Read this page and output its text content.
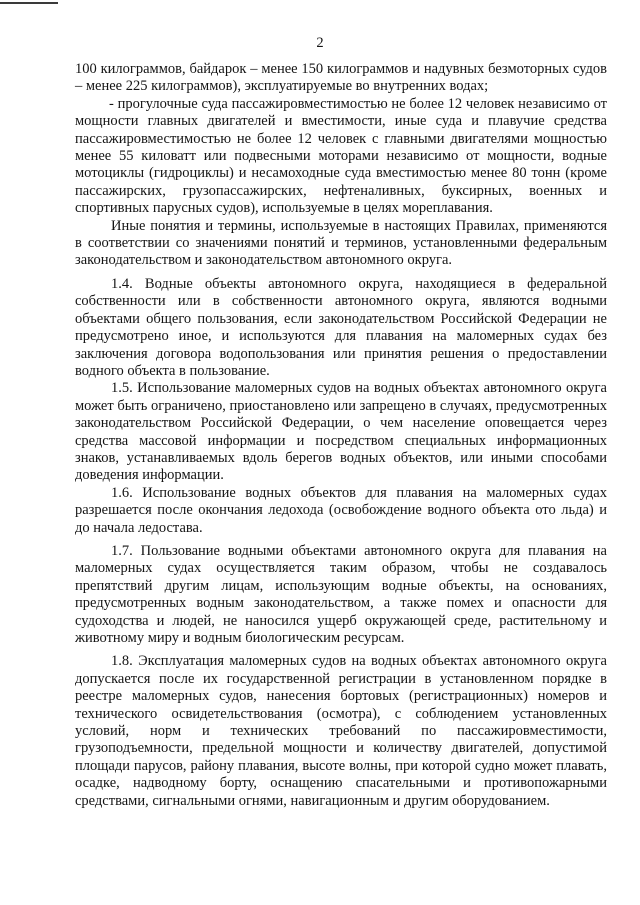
2

100 килограммов, байдарок – менее 150 килограммов и надувных безмоторных судов – менее 225 килограммов), эксплуатируемые во внутренних водах;

- прогулочные суда пассажировместимостью не более 12 человек независимо от мощности главных двигателей и вместимости, иные суда и плавучие средства пассажировместимостью не более 12 человек с главными двигателями мощностью менее 55 киловатт или подвесными моторами независимо от мощности, водные мотоциклы (гидроциклы) и несамоходные суда вместимостью менее 80 тонн (кроме пассажирских, грузопассажирских, нефтеналивных, буксирных, военных и спортивных парусных судов), используемые в целях мореплавания.

Иные понятия и термины, используемые в настоящих Правилах, применяются в соответствии со значениями понятий и терминов, установленными федеральным законодательством и законодательством автономного округа.

1.4. Водные объекты автономного округа, находящиеся в федеральной собственности или в собственности автономного округа, являются водными объектами общего пользования, если законодательством Российской Федерации не предусмотрено иное, и используются для плавания на маломерных судах без заключения договора водопользования или принятия решения о предоставлении водного объекта в пользование.

1.5. Использование маломерных судов на водных объектах автономного округа может быть ограничено, приостановлено или запрещено в случаях, предусмотренных законодательством Российской Федерации, о чем население оповещается через средства массовой информации и посредством специальных информационных знаков, устанавливаемых вдоль берегов водных объектов, или иными способами доведения информации.

1.6. Использование водных объектов для плавания на маломерных судах разрешается после окончания ледохода (освобождение водного объекта ото льда) и до начала ледостава.

1.7. Пользование водными объектами автономного округа для плавания на маломерных судах осуществляется таким образом, чтобы не создавалось препятствий другим лицам, использующим водные объекты, на основаниях, предусмотренных водным законодательством, а также помех и опасности для судоходства и людей, не наносился ущерб окружающей среде, растительному и животному миру и водным биологическим ресурсам.

1.8. Эксплуатация маломерных судов на водных объектах автономного округа допускается после их государственной регистрации в установленном порядке в реестре маломерных судов, нанесения бортовых (регистрационных) номеров и технического освидетельствования (осмотра), с соблюдением установленных условий, норм и технических требований по пассажировместимости, грузоподъемности, предельной мощности и количеству двигателей, допустимой площади парусов, району плавания, высоте волны, при которой судно может плавать, осадке, надводному борту, оснащению спасательными и противопожарными средствами, сигнальными огнями, навигационным и другим оборудованием.
